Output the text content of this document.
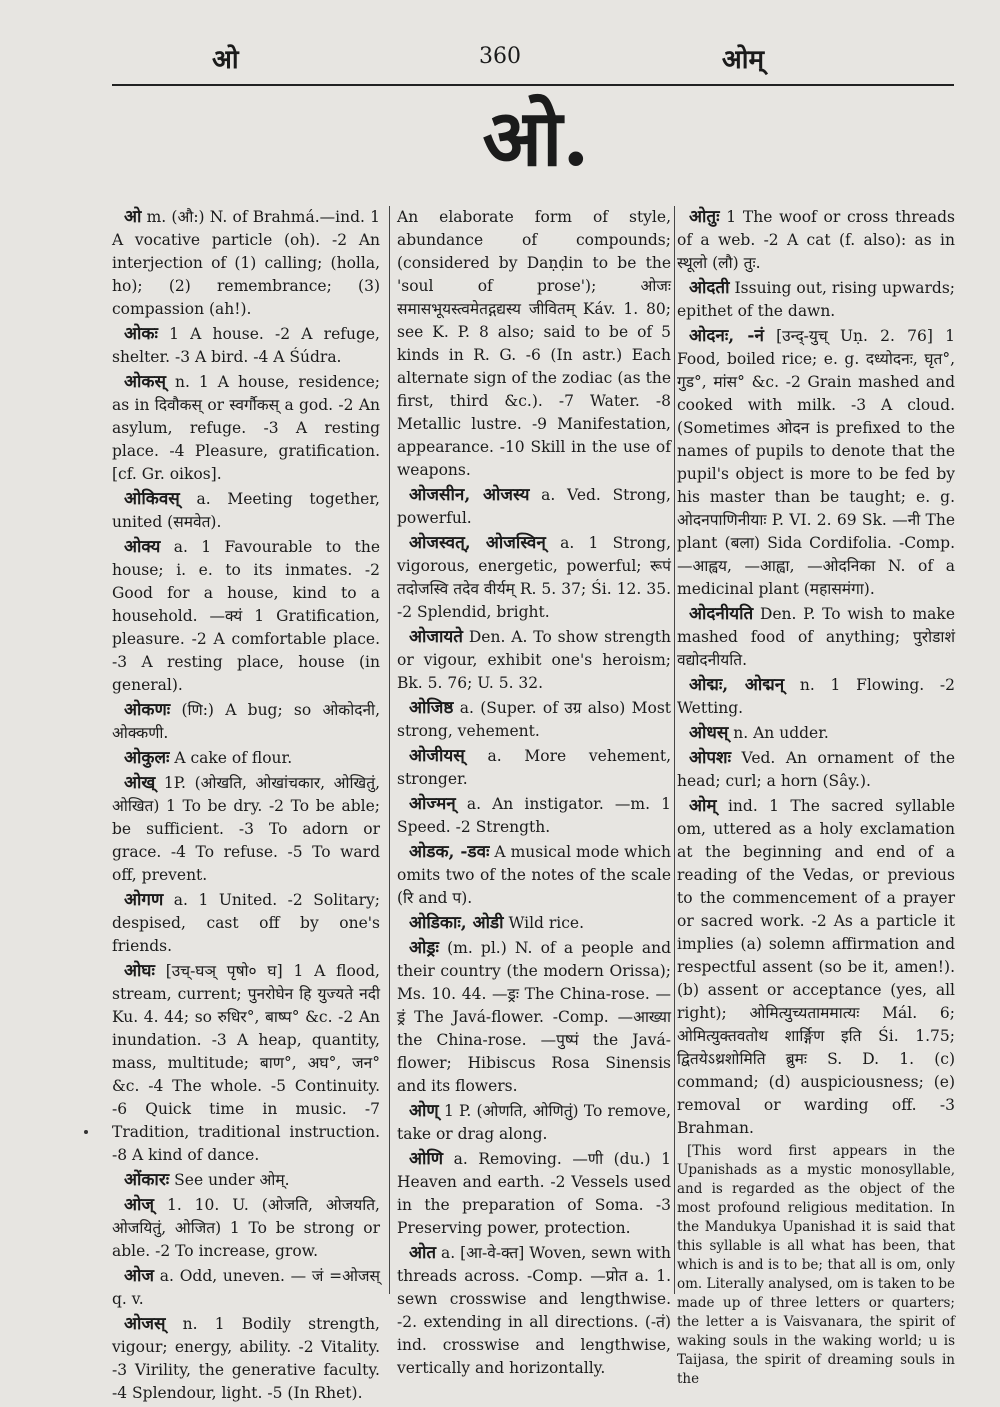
ओ	360	ओम्
ओ.

ओ m. (औ:) N. of Brahmá.—ind. 1 A vocative particle (oh). -2 An interjection of (1) calling; (holla, ho); (2) remembrance; (3) compassion (ah!).

ओकः 1 A house. -2 A refuge, shelter. -3 A bird. -4 A Śúdra.

ओकस् n. 1 A house, residence; as in दिवौकस् or स्वर्गौकस् a god. -2 An asylum, refuge. -3 A resting place. -4 Pleasure, gratification. [cf. Gr. oikos].

ओकिवस् a. Meeting together, united (समवेत).

ओक्य a. 1 Favourable to the house; i. e. to its inmates. -2 Good for a house, kind to a household. —क्यं 1 Gratification, pleasure. -2 A comfortable place. -3 A resting place, house (in general).

ओकणः (णि:) A bug; so ओकोदनी, ओक्कणी.

ओकुलः A cake of flour.

ओख् 1P. (ओखति, ओखांचकार, ओखितुं, ओखित) 1 To be dry. -2 To be able; be sufficient. -3 To adorn or grace. -4 To refuse. -5 To ward off, prevent.

ओगण a. 1 United. -2 Solitary; despised, cast off by one's friends.

ओघः [उच्-घञ् पृषो० घ] 1 A flood, stream, current; पुनरोघेन हि युज्यते नदी Ku. 4. 44; so रुधिर°, बाष्प° &c. -2 An inundation. -3 A heap, quantity, mass, multitude; बाण°, अघ°, जन° &c. -4 The whole. -5 Continuity. -6 Quick time in music. -7 Tradition, traditional instruction. -8 A kind of dance.

ओंकारः See under ओम्.

ओज् 1. 10. U. (ओजति, ओजयति, ओजयितुं, ओजित) 1 To be strong or able. -2 To increase, grow.

ओज a. Odd, uneven. — जं =ओजस् q. v.

ओजस् n. 1 Bodily strength, vigour; energy, ability. -2 Vitality. -3 Virility, the generative faculty. -4 Splendour, light. -5 (In Rhet).

An elaborate form of style, abundance of compounds; (considered by Daṇḍin to be the 'soul of prose'); ओजः समासभूयस्त्वमेतद्गद्यस्य जीवितम् Káv. 1. 80; see K. P. 8 also; said to be of 5 kinds in R. G. -6 (In astr.) Each alternate sign of the zodiac (as the first, third &c.). -7 Water. -8 Metallic lustre. -9 Manifestation, appearance. -10 Skill in the use of weapons.

ओजसीन, ओजस्य a. Ved. Strong, powerful.

ओजस्वत्, ओजस्विन् a. 1 Strong, vigorous, energetic, powerful; रूपं तदोजस्वि तदेव वीर्यम् R. 5. 37; Śi. 12. 35. -2 Splendid, bright.

ओजायते Den. A. To show strength or vigour, exhibit one's heroism; Bk. 5. 76; U. 5. 32.

ओजिष्ठ a. (Super. of उग्र also) Most strong, vehement.

ओजीयस् a. More vehement, stronger.

ओज्मन् a. An instigator. —m. 1 Speed. -2 Strength.

ओडक, -डवः A musical mode which omits two of the notes of the scale (रि and प).

ओडिकाः, ओडी Wild rice.

ओड्रः (m. pl.) N. of a people and their country (the modern Orissa); Ms. 10. 44. —ड्रः The China-rose. —ड्रं The Javá-flower. -Comp. —आख्या the China-rose. —पुष्पं the Javá-flower; Hibiscus Rosa Sinensis and its flowers.

ओण् 1 P. (ओणति, ओणितुं) To remove, take or drag along.

ओणि a. Removing. —णी (du.) 1 Heaven and earth. -2 Vessels used in the preparation of Soma. -3 Preserving power, protection.

ओत a. [आ-वे-क्त] Woven, sewn with threads across. -Comp. —प्रोत a. 1. sewn crosswise and lengthwise. -2. extending in all directions. (-तं) ind. crosswise and lengthwise, vertically and horizontally.

ओतुः 1 The woof or cross threads of a web. -2 A cat (f. also): as in स्थूलो (लौ) तुः.

ओदती Issuing out, rising upwards; epithet of the dawn.

ओदनः, -नं [उन्द्-युच् Uṇ. 2. 76] 1 Food, boiled rice; e. g. दध्योदनः, घृत°, गुड°, मांस° &c. -2 Grain mashed and cooked with milk. -3 A cloud. (Sometimes ओदन is prefixed to the names of pupils to denote that the pupil's object is more to be fed by his master than be taught; e. g. ओदनपाणिनीयाः P. VI. 2. 69 Sk. —नी The plant (बला) Sida Cordifolia. -Comp. —आह्वय, —आह्वा, —ओदनिका N. of a medicinal plant (महासमंगा).

ओदनीयति Den. P. To wish to make mashed food of anything; पुरोडाशं वद्योदनीयति.

ओद्मः, ओद्मन् n. 1 Flowing. -2 Wetting.

ओधस् n. An udder.

ओपशः Ved. An ornament of the head; curl; a horn (Sây.).

ओम् ind. 1 The sacred syllable om, uttered as a holy exclamation at the beginning and end of a reading of the Vedas, or previous to the commencement of a prayer or sacred work. -2 As a particle it implies (a) solemn affirmation and respectful assent (so be it, amen!). (b) assent or acceptance (yes, all right); ओमित्युच्यताममात्यः Mál. 6; ओमित्युक्तवतोथ शार्ङ्गिण इति Śi. 1.75; द्वितयेऽथ्रशोमिति ब्रुमः S. D. 1. (c) command; (d) auspiciousness; (e) removal or warding off. -3 Brahman.

[This word first appears in the Upanishads as a mystic monosyllable, and is regarded as the object of the most profound religious meditation. In the Mandukya Upanishad it is said that this syllable is all what has been, that which is and is to be; that all is om, only om. Literally analysed, om is taken to be made up of three letters or quarters; the letter a is Vaisvanara, the spirit of waking souls in the waking world; u is Taijasa, the spirit of dreaming souls in the
